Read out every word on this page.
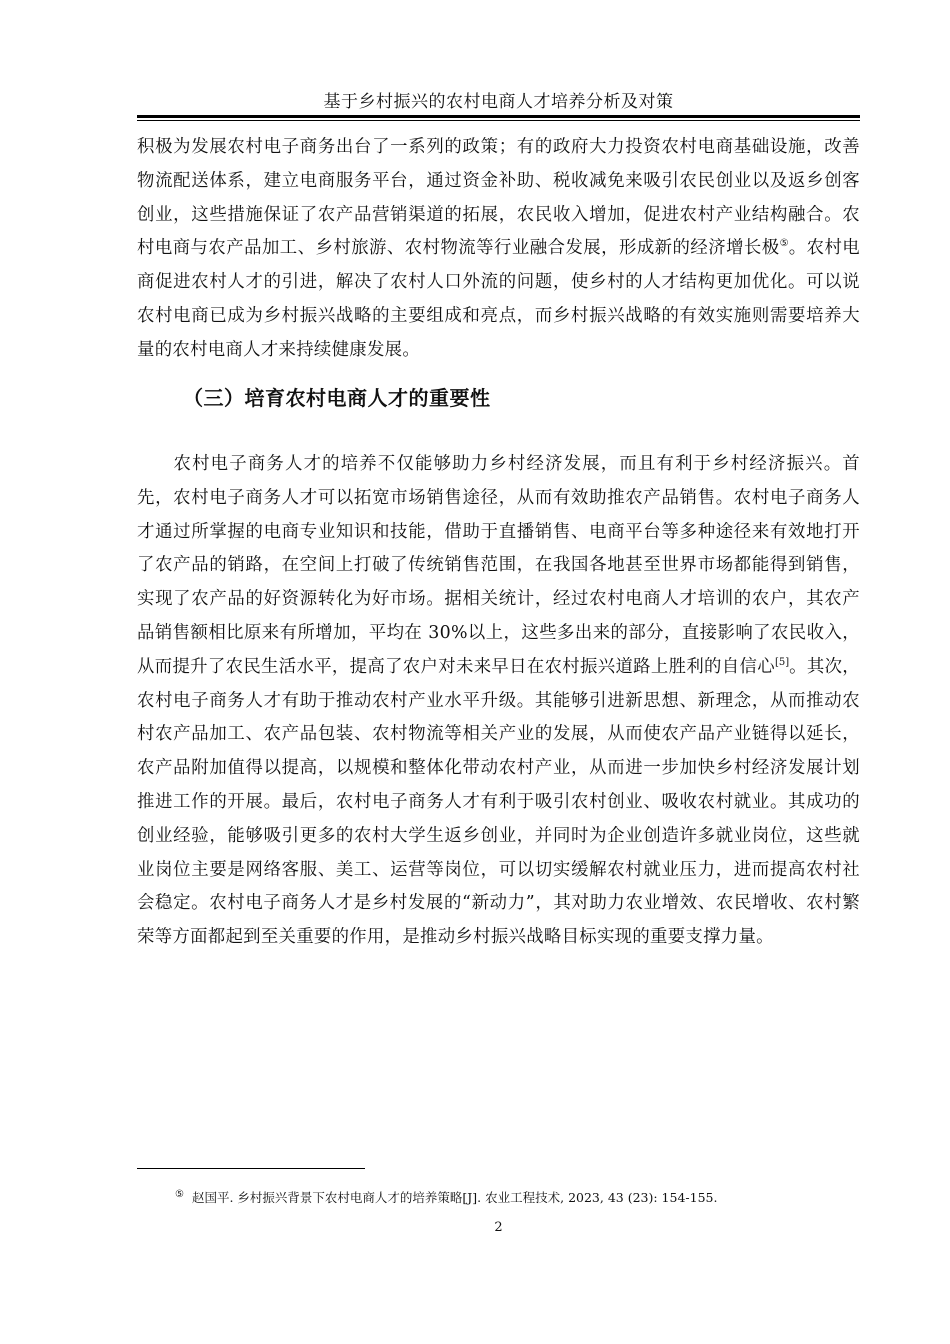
基于乡村振兴的农村电商人才培养分析及对策

积极为发展农村电子商务出台了一系列的政策；有的政府大力投资农村电商基础设施，改善物流配送体系，建立电商服务平台，通过资金补助、税收减免来吸引农民创业以及返乡创客创业，这些措施保证了农产品营销渠道的拓展，农民收入增加，促进农村产业结构融合。农村电商与农产品加工、乡村旅游、农村物流等行业融合发展，形成新的经济增长极⑤。农村电商促进农村人才的引进，解决了农村人口外流的问题，使乡村的人才结构更加优化。可以说农村电商已成为乡村振兴战略的主要组成和亮点，而乡村振兴战略的有效实施则需要培养大量的农村电商人才来持续健康发展。

（三）培育农村电商人才的重要性

农村电子商务人才的培养不仅能够助力乡村经济发展，而且有利于乡村经济振兴。首先，农村电子商务人才可以拓宽市场销售途径，从而有效助推农产品销售。农村电子商务人才通过所掌握的电商专业知识和技能，借助于直播销售、电商平台等多种途径来有效地打开了农产品的销路，在空间上打破了传统销售范围，在我国各地甚至世界市场都能得到销售，实现了农产品的好资源转化为好市场。据相关统计，经过农村电商人才培训的农户，其农产品销售额相比原来有所增加，平均在 30%以上，这些多出来的部分，直接影响了农民收入，从而提升了农民生活水平，提高了农户对未来早日在农村振兴道路上胜利的自信心[5]。其次，农村电子商务人才有助于推动农村产业水平升级。其能够引进新思想、新理念，从而推动农村农产品加工、农产品包装、农村物流等相关产业的发展，从而使农产品产业链得以延长，农产品附加值得以提高，以规模和整体化带动农村产业，从而进一步加快乡村经济发展计划推进工作的开展。最后，农村电子商务人才有利于吸引农村创业、吸收农村就业。其成功的创业经验，能够吸引更多的农村大学生返乡创业，并同时为企业创造许多就业岗位，这些就业岗位主要是网络客服、美工、运营等岗位，可以切实缓解农村就业压力，进而提高农村社会稳定。农村电子商务人才是乡村发展的“新动力”，其对助力农业增效、农民增收、农村繁荣等方面都起到至关重要的作用，是推动乡村振兴战略目标实现的重要支撑力量。

⑤ 赵国平. 乡村振兴背景下农村电商人才的培养策略[J]. 农业工程技术, 2023, 43 (23): 154-155.
2
